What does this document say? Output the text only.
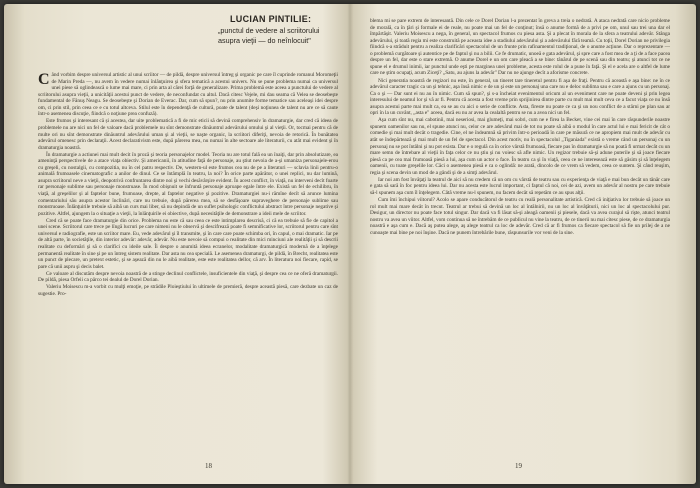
LUCIAN PINTILIE:
„punctul de vedere al scriitorului asupra vieţii — do neînlocuit"

Când vorbim despre universul artistic al unui scriitor — de pildă, despre universul întreg şi organic pe care îl cuprinde romanul Moromeţii de Marin Preda —, nu avem în vedere numai înlănţuirea şi sfera tematică a acestui univers. Nu se pune problema numai ca universul unei piese să oglindească o lume mai mare, ci prin arta al cărei forţă de generalizare. Prima problemă este aceea a punctului de vedere al scriitorului asupra vieţii, a unicităţii acestui punct de vedere, de neconfundat cu altul. Dacă citesc Vejele, mi dau seama că Velea se deosebeşte fundamental de Fănuş Neagu. Se deosebeşte şi Dorian de Everac. Dar, cum să spun?, nu prin anumite forme tematice sau aceleaşi idei despre om, ci prin stil, prin ceea ce e cu totul altceva. Stilul este în dependenţă de cultură, poate de talent (deşi noţiunea de talent nu are ce să caute într-o asemenea discuţie, fiindcă o noţiune prea confuză).

Este frumos şi interesant că și acestea, dar uite problematică a fi de mic eticii să devină comprehensiv în dramaturgie, dar cred că ideea de problemele nu are nici un fel de valoare dacă problemele nu sînt demonstrate dinăuntrul adevărului omului şi al vieţii. Or, tocmai pentru că de multe ori nu sînt demonstrate dinăuntrul adevărului uman şi al vieţii, se naşte organic, la scriitori diferiţi, nevoia de retorică. În bunătatea adevărul omenesc prin declaraţii. Acest declarativism este, după părerea mea, nu numai în alte sectoare ale literaturii, cu atât mai evident şi în dramaturgia noastră.

În dramaturgie a actiunei mai mult decit în proză şi teoria personajelor model. Teoria nu are totul fală ea un înaiţi, dar prin absolutizare, ea ameninţă perspectivele de a atace viaţa obiectiv. Şi americanii, în atitudine faţă de personaje, au ştiut nevoia de a-şi umaniza personajele-erou cu greşeli, cu nostalgii, cu compozitia, nu în cel patru respectiv. De, western-ul este frumos cea nu de pe a literaturi — sclavia linii pentru-o animală frumoasele cinematografic a anilor de dinul. Ce se întâmplă în teatru, la noi? În orice parte apărător, o unei replici, nu dar lumină, asupra scriitorul neve a vieţii, deopotrivă confruntarea dintre noi şi vechi desăvârşire evident. În acest conflict, în viaţă, nu interveni decît foarte rar personaje sublime sau personaje monstruase. În mod obişnuit se înfruntă personaje aproape egale între ele. Există un fel de echilibru, în viaţă, al greşelilor şi al faptelor bune, frumoase, drepte, al faptelor negative şi pozitive. Dramaturgiei nu-i rămîne decît să arunce lumina comentariului său asupra acestor înclinări, care nu trebuie, după părerea mea, să se desfăşoare supraveghere de personaje sublime sau monstruoase. Înlănţuirile trebuie să aibă un curs mai liber, să nu depindă de un suflet psihologic conflictului abstract între personaje negative şi pozitive. Altfel, ajungem la o situaţie a vieţii, la înlănţuirile ei obiective, după necesităţile de demonstrare a ideii mele de scriitor.

Cred că se poate face dramaturgie din orice. Problema nu este că sau ceea ce este intimplarea descrisă, ci că ea trebuie să fie de capitol a unei scene. Scriitorul care trece pe lîngă lucruri pe care nimeni nu le observă şi descifrează poate fi semnificative lor, scriitorul pentru care sînt universul e radiografie, este un scriitor mare. Eu, vede adevărul şi îl transmite, şi în care care poate schimba ori, în capul, o mai dramatic. Iar pe de altă parte, în societăţile, din interior adevăr: adevăr, adevăr. Nu este nevoie să compui o realitate din mici minciuni ale realităţii şi să descrii realitate cu deformări şi să o clarifici cu ideile sale. Îi despre o anumită ideea ecranelor, modalitate dramaturgică modernă de a înţelege permanentă realitate în sine şi pe un întreg sistem realitate. Dar asta nu cea specială. Le asemenea dramaturgi, de pildă, în Brecht, realitatea este un punct de plecare, un pretext estetic, şi se aşează din nu le aibă realitate, este este realitatea dellor, că arv. În literatura noi fiecare, rapid, se pare că unii aspru şi decis balet.

Ce valoare al discutăm despre nevoia noastră de a stinge declinul conflictele, insuficientele din viaţă, şi despre cea ce ne oferă dramaturgii. De pildă, piesa Orfeii ca pârco tei dealul de Dorel Dorian.

Valeriu Moisescu m-a vorbit cu mulţi emoţie, pe strădile Ploieştiului în ultimele de premieră, despre această piesă, care dezbate un caz de sugestie. Pro-

18

blema mi se pare extrem de interesantă. Din cele ce Dorel Dorian l-a prezentat în greva a treia o nedrată. A ataca nedrată care nicio probleme de morală, ca în ţări şi formale ei de reale, nu poate mai un fel de conţinut; însă o anume formă de a privi pe om, unul sau trei una dar el împărtăşit. Valeriu Moisescu a nega, în general, un spectacol frumos cu piesa asta. Şi a plecat în morala de la sfera a teatrului adevăr. Stânga adevărului, şi toată regia mi este construită pe aceasta idee a stadiului adevărului şi a adevărului fără teamă. Cu toţii, Dorel Dorian ne privilegia fiindcă s-a străduit pentru a realiza clarificări spectacolul de un frunte prin rafinamentul tradiţional, de o anume acţiune. Dar o reprezentare — o problemă curgătoare şi autentice pe de faptul şi nu a bilii. Ce fe drumatic, unoeă e gata adevărul, şi spre care a fost mea de a ţi de a face pacea despre un fel, dar este o stare extremă. O anume Dorel e un om care pleacă a se bine: tânărul de pe scenă sau din teatru; şi atunci tot ce ne spune el e drumul inimii, iar punctul unde eşti pe marginea unei probleme, acesta este rolul de a pune în faţă. Şi el e acela are o altfel de lume care ne ştim ocupaţi, acum Ziceţi? „Satu, au ajuns la adevăr" Dar nu ne ajunge decît a aforisme concrete.

Nici generatia noastră de regizori nu este, în general, un tineret tare tineretul pentru fi aşa de fraţi. Pentru că această e aşa bine: ne în ce adevărul caracter tragic ca un şi tehnic, aşa însă nimic e de un şi este un personaj una care nu e deloc sublima sau e care a ajuns cu un personaj. Ca o şi — Dar sunt ei nu au în nimic. Cum să spun?, şi s-a încheiat evenimentul oricum al un eveniment care ne poate deveni şi prin legea interesului de neamul lor şi vă ar fi. Pentru că acesta a fost vreme prin sprijinirea dintre parte cu mult mai mult ceva ce a facut viaţa ce nu însă asupra acestui parte mai mult ca, ea se au cu aici o serie de conflicte. Asta, fireste nu poate ce ca şi un nou conflict de a stârni pe plan sau ar opri în la un cuvânt, „asta e" aceea, dacă eu nu ar avea la cealaltă pentru se nu a avea nici un fel.

Aşa cum sînt nu, mai cabotinii, mai neseriosi, mai glumeţi, mai sobri, cum ne e firea la Becket, vine cei mai în care răspunderile noastre spunem oamenilor sau nu, el spune atunci nu, celor ce are adevărul mai de tot nu poate să aibă o modul în care actul lui e mai fericit de cât o comedie şi mai mult decât o tragedie. Cine, el ne îndeamnă să privim într-o perioadă în care pe măsură ce ne apropiem mai mult de adevăr cu atât se îndepărtează şi mai mult de un fel de spectacol. Din acest motiv, nu în spectacolul „Tiganiada" există o vreme când un personaj cu un personaj nu se pot întâlni şi nu pot exista. Dar e o regulă ca în orice vârstă frumoasă, fiecare pas în dramaturgie să nu poată fi urmat decât cu un mare semn de întrebare al vieţii în faţa celor ce nu ştiu şi nu voiesc să afle nimic. Un regizor trebuie să-şi adune puterile şi să joace fiecare piesă ca pe cea mai frumoasă piesă a lui, aşa cum un actor o face. În teatru ca şi în viaţă, ceea ce ne interesează este să găsim şi să înţelegem oamenii, cu toate greşelile lor. Căci o asemenea piesă e ca o oglindă: ne arată, dincolo de ce vrem să vedem, ceea ce suntem. Şi când reuşim, regia şi scena devin un mod de a gândi şi de a simţi adevărul.

Iar noi am fost învăţaţi la teatrul de aici să nu credem că un om cu vârstă de teatru sau cu experienţa de viaţă e mai bun decât un tânăr care e gata să sară în foc pentru ideea lui. Dar nu acesta este lucrul important, ci faptul că noi, cei de azi, avem un adevăr al nostru pe care trebuie să-l spunem aşa cum îl înţelegem. Câtă vreme nu-l spunem, nu facem decât să repetăm ce au spus alţii.

Cum îmi închipui viitorul? Acolo se apare conducătorul de teatru cu reală personalitate artistică. Cred că iniţiativa lor trebuie să joace un rol mult mai mare decât în trecut. Teatrul ar trebui să devină un loc al întâlnirii, nu un loc al învăţăturii, nici un loc al spectacolului pur. Desigur, un director nu poate face totul singur. Dar dacă va fi lăsat să-şi aleagă oamenii şi piesele, dacă va avea curajul să rişte, atunci teatrul nostru va avea un viitor. Altfel, vom continua să ne întrebăm de ce publicul nu vine la teatru, de ce tinerii nu mai citesc piese, de ce dramaturgia noastră e aşa cum e. Dacă aş putea alege, aş alege teatrul ca loc de adevăr. Cred că ar fi frumos ca fiecare spectacol să fie un prilej de a ne cunoaşte mai bine pe noi înşine. Dacă ne punem întrebările bune, răspunsurile vor veni de la sine.

19
